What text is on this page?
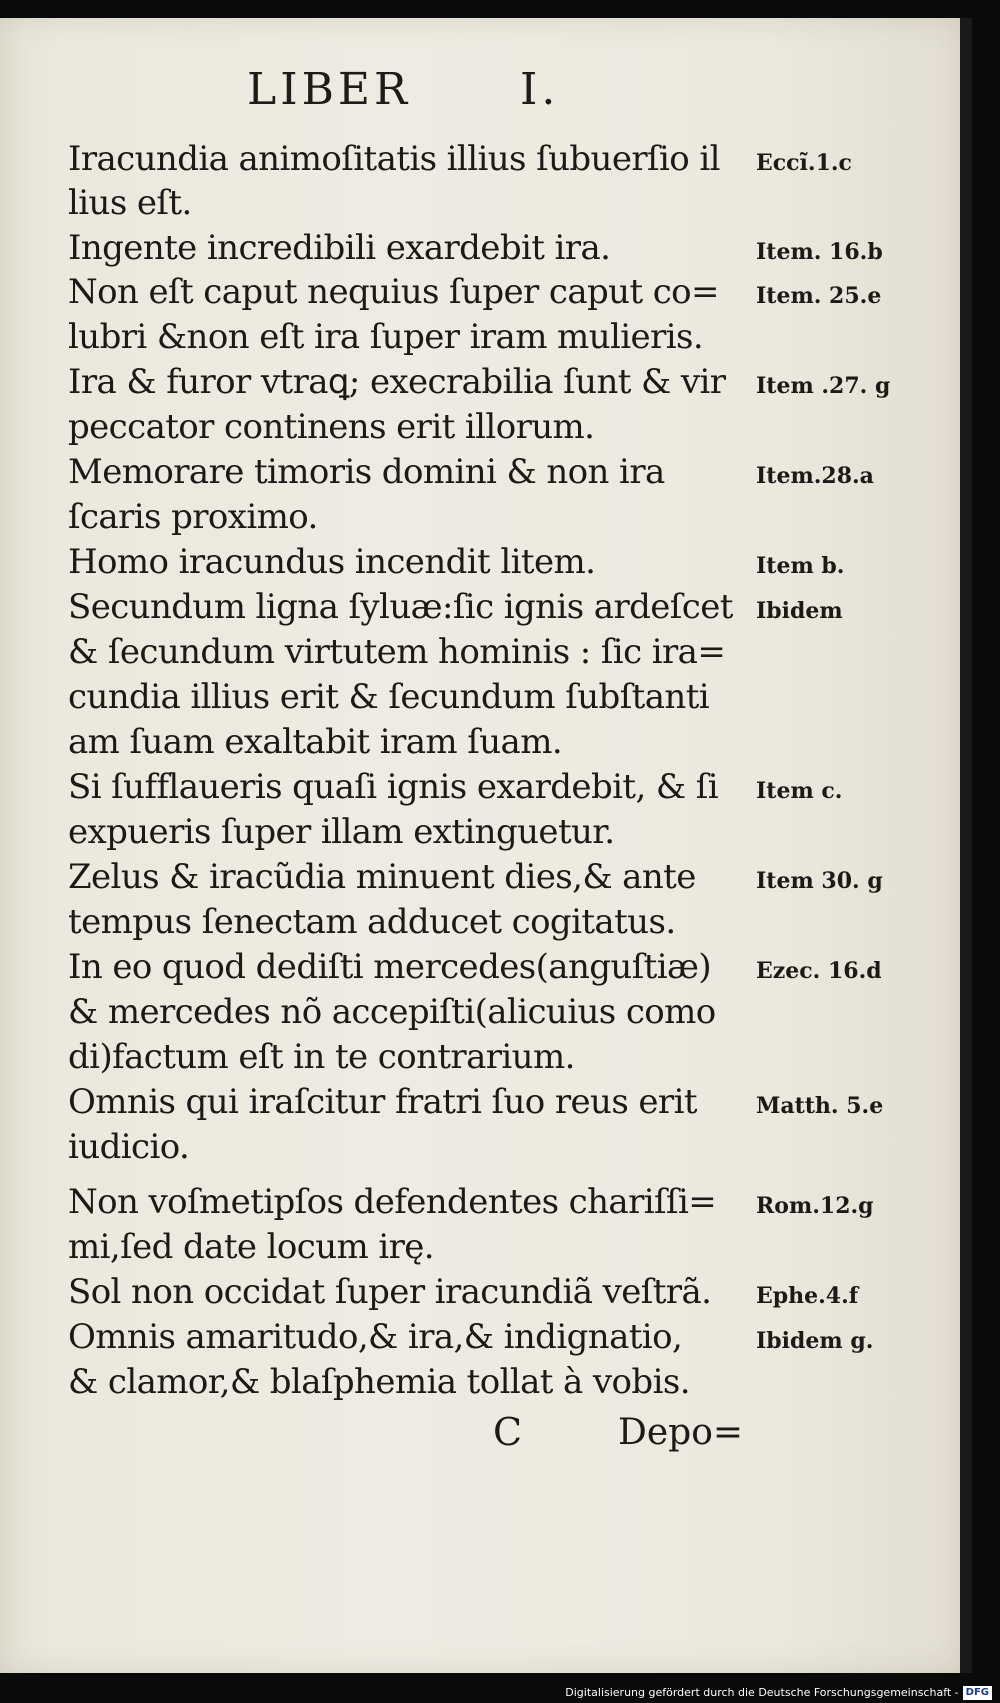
LIBER I.
Iracundia animoſitatis illius ſubuerſio il	Eccĩ.1.c
lius eſt.
Ingente incredibili exardebit ira.	Item. 16.b
Non eſt caput nequius ſuper caput co=	Item. 25.e
lubri &non eſt ira ſuper iram mulieris.
Ira & furor vtraꝗ; execrabilia ſunt & vir	Item .27. g
peccator continens erit illorum.
Memorare timoris domini & non ira	Item.28.a
ſcaris proximo.
Homo iracundus incendit litem.	Item b.
Secundum ligna ſyluæ:ſic ignis ardeſcet	Ibidem
& ſecundum virtutem hominis : ſic ira=
cundia illius erit & ſecundum ſubſtanti
am ſuam exaltabit iram ſuam.
Si ſufflaueris quaſi ignis exardebit, & ſi	Item c.
expueris ſuper illam extinguetur.
Zelus & iracũdia minuent dies,& ante	Item 30. g
tempus ſenectam adducet cogitatus.
In eo quod dediſti mercedes(anguſtiæ)	Ezec. 16.d
& mercedes nõ accepiſti(alicuius como
di)factum eſt in te contrarium.
Omnis qui iraſcitur fratri ſuo reus erit	Matth. 5.e
iudicio.
Non voſmetipſos defendentes chariſſi=	Rom.12.g
mi,ſed date locum irę.
Sol non occidat ſuper iracundiã veſtrã.	Ephe.4.f
Omnis amaritudo,& ira,& indignatio,	Ibidem g.
& clamor,& blaſphemia tollat à vobis.
C	Depo=
Digitalisierung gefördert durch die Deutsche Forschungsgemeinschaft - DFG
